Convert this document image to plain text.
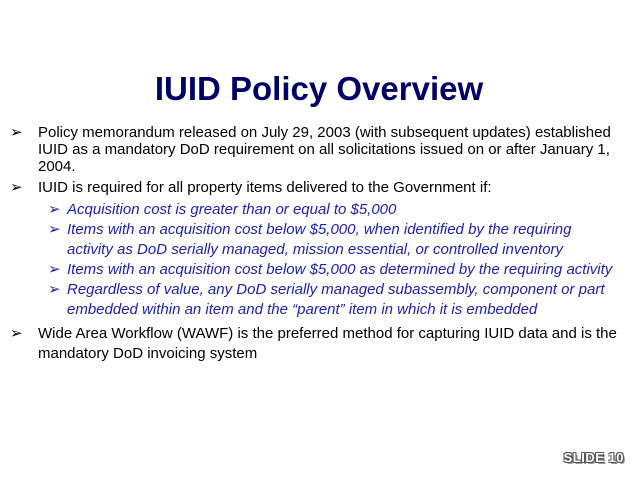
IUID Policy Overview
➢ Policy memorandum released on July 29, 2003 (with subsequent updates) established IUID as a mandatory DoD requirement on all solicitations issued on or after January 1, 2004.
➢ IUID is required for all property items delivered to the Government if:
➢ Acquisition cost is greater than or equal to $5,000
➢ Items with an acquisition cost below $5,000, when identified by the requiring activity as DoD serially managed, mission essential, or controlled inventory
➢ Items with an acquisition cost below $5,000 as determined by the requiring activity
➢ Regardless of value, any DoD serially managed subassembly, component or part embedded within an item and the “parent” item in which it is embedded
➢ Wide Area Workflow (WAWF) is the preferred method for capturing IUID data and is the mandatory DoD invoicing system
SLIDE 10
